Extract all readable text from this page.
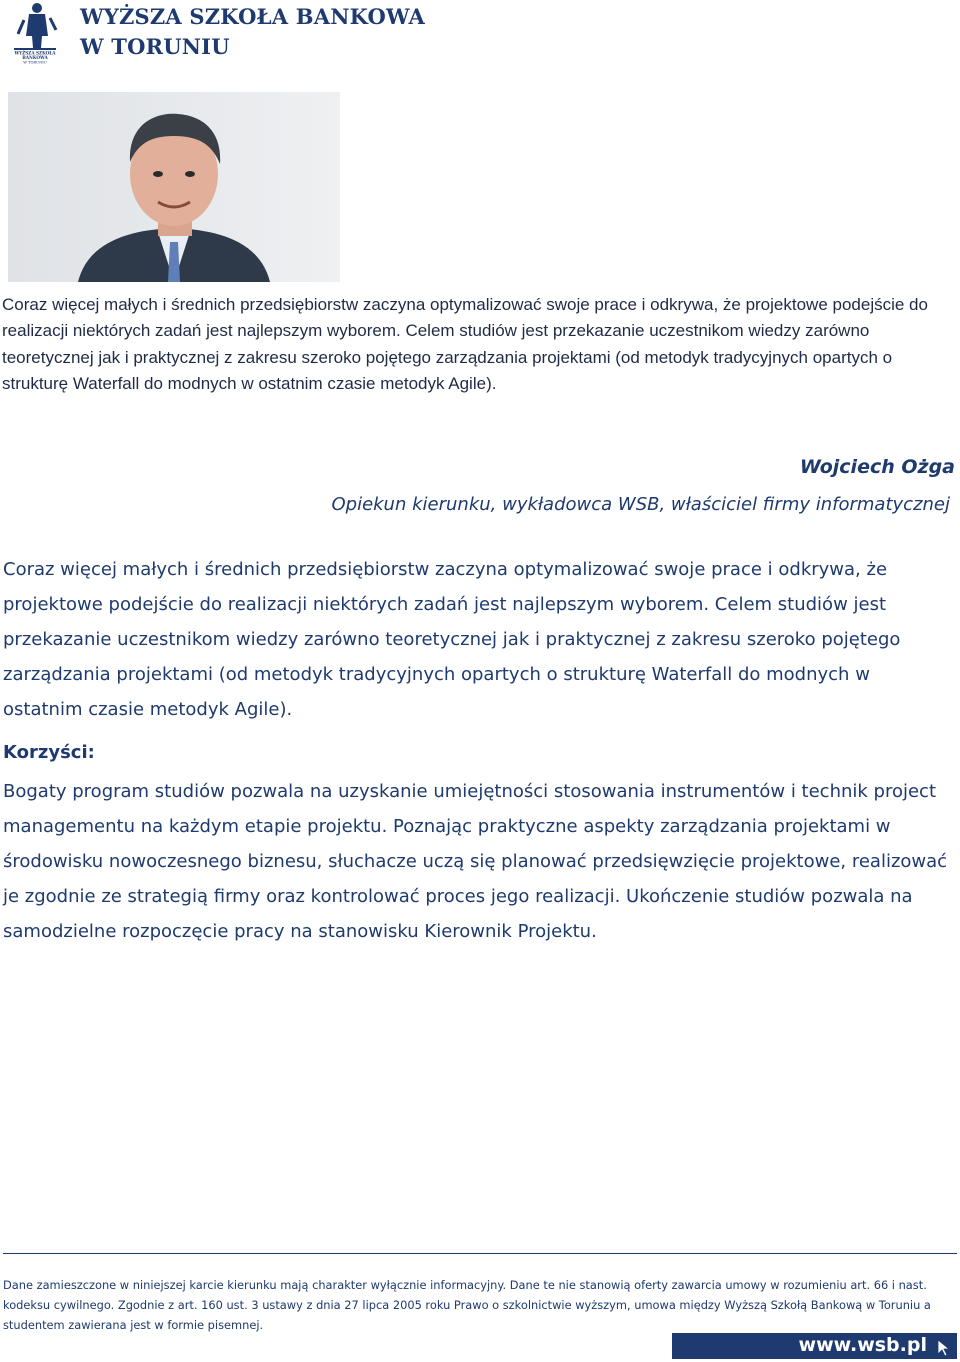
WYŻSZA SZKOŁA
BANKOWA
W TORUNIU
WYŻSZA SZKOŁA BANKOWA
W TORUNIU

Coraz więcej małych i średnich przedsiębiorstw zaczyna optymalizować swoje prace i odkrywa, że projektowe podejście do realizacji niektórych zadań jest najlepszym wyborem. Celem studiów jest przekazanie uczestnikom wiedzy zarówno teoretycznej jak i praktycznej z zakresu szeroko pojętego zarządzania projektami (od metodyk tradycyjnych opartych o strukturę Waterfall do modnych w ostatnim czasie metodyk Agile).

Wojciech Ożga
Opiekun kierunku, wykładowca WSB, właściciel firmy informatycznej

Coraz więcej małych i średnich przedsiębiorstw zaczyna optymalizować swoje prace i odkrywa, że projektowe podejście do realizacji niektórych zadań jest najlepszym wyborem. Celem studiów jest przekazanie uczestnikom wiedzy zarówno teoretycznej jak i praktycznej z zakresu szeroko pojętego zarządzania projektami (od metodyk tradycyjnych opartych o strukturę Waterfall do modnych w ostatnim czasie metodyk Agile).

Korzyści:

Bogaty program studiów pozwala na uzyskanie umiejętności stosowania instrumentów i technik project managementu na każdym etapie projektu. Poznając praktyczne aspekty zarządzania projektami w środowisku nowoczesnego biznesu, słuchacze uczą się planować przedsięwzięcie projektowe, realizować je zgodnie ze strategią firmy oraz kontrolować proces jego realizacji. Ukończenie studiów pozwala na samodzielne rozpoczęcie pracy na stanowisku Kierownik Projektu.

Dane zamieszczone w niniejszej karcie kierunku mają charakter wyłącznie informacyjny. Dane te nie stanowią oferty zawarcia umowy w rozumieniu art. 66 i nast. kodeksu cywilnego. Zgodnie z art. 160 ust. 3 ustawy z dnia 27 lipca 2005 roku Prawo o szkolnictwie wyższym, umowa między Wyższą Szkołą Bankową w Toruniu a studentem zawierana jest w formie pisemnej.

www.wsb.pl
